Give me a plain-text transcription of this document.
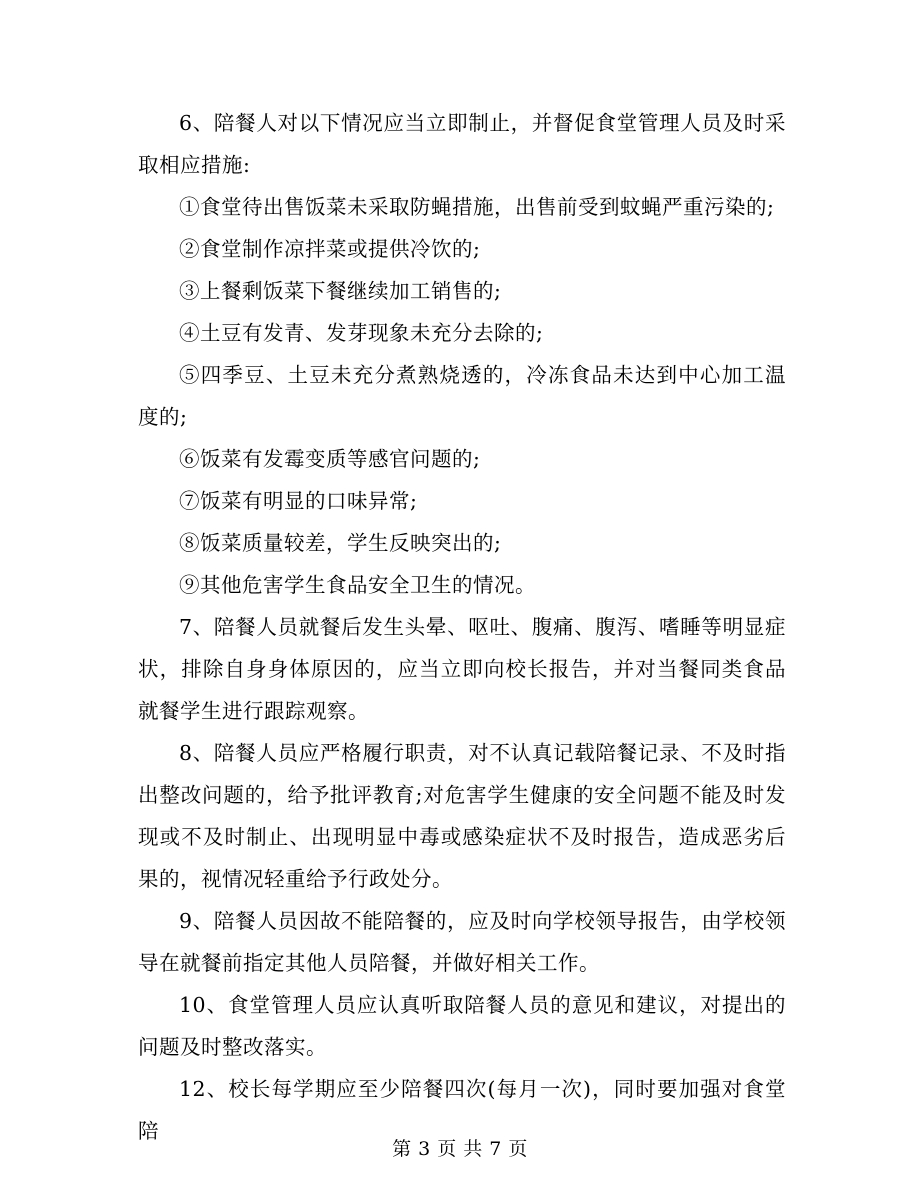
6、陪餐人对以下情况应当立即制止，并督促食堂管理人员及时采取相应措施:

①食堂待出售饭菜未采取防蝇措施，出售前受到蚊蝇严重污染的;

②食堂制作凉拌菜或提供冷饮的;

③上餐剩饭菜下餐继续加工销售的;

④土豆有发青、发芽现象未充分去除的;

⑤四季豆、土豆未充分煮熟烧透的，冷冻食品未达到中心加工温度的;

⑥饭菜有发霉变质等感官问题的;

⑦饭菜有明显的口味异常;

⑧饭菜质量较差，学生反映突出的;

⑨其他危害学生食品安全卫生的情况。

7、陪餐人员就餐后发生头晕、呕吐、腹痛、腹泻、嗜睡等明显症状，排除自身身体原因的，应当立即向校长报告，并对当餐同类食品就餐学生进行跟踪观察。

8、陪餐人员应严格履行职责，对不认真记载陪餐记录、不及时指出整改问题的，给予批评教育;对危害学生健康的安全问题不能及时发现或不及时制止、出现明显中毒或感染症状不及时报告，造成恶劣后果的，视情况轻重给予行政处分。

9、陪餐人员因故不能陪餐的，应及时向学校领导报告，由学校领导在就餐前指定其他人员陪餐，并做好相关工作。

10、食堂管理人员应认真听取陪餐人员的意见和建议，对提出的问题及时整改落实。

12、校长每学期应至少陪餐四次(每月一次)，同时要加强对食堂陪

第 3 页 共 7 页
